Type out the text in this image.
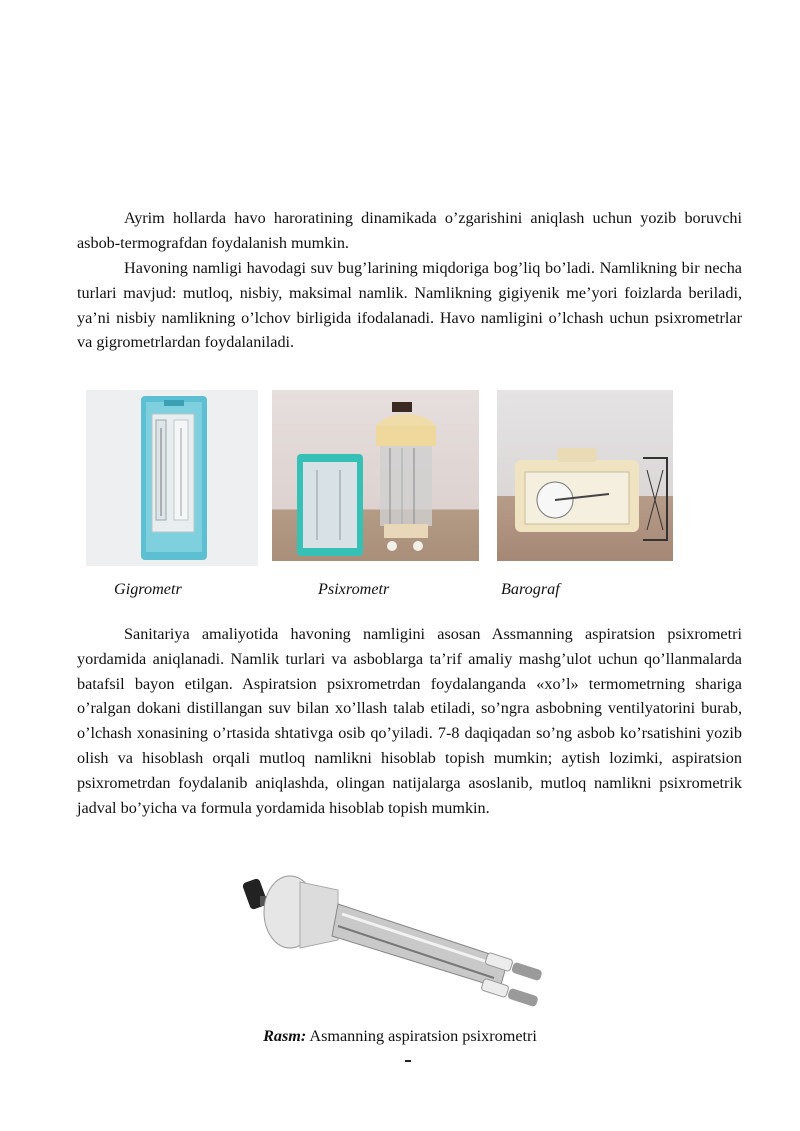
Ayrim hollarda havo haroratining dinamikada o’zgarishini aniqlash uchun yozib boruvchi asbob-termografdan foydalanish mumkin.

Havoning namligi havodagi suv bug’larining miqdoriga bog’liq bo’ladi. Namlikning bir necha turlari mavjud: mutloq, nisbiy, maksimal namlik. Namlikning gigiyenik me’yori foizlarda beriladi, ya’ni nisbiy namlikning o’lchov birligida ifodalanadi. Havo namligini o’lchash uchun psixrometrlar va gigrometrlardan foydalaniladi.

Gigrometr	Psixrometr	Barograf

Sanitariya amaliyotida havoning namligini asosan Assmanning aspiratsion psixrometri yordamida aniqlanadi. Namlik turlari va asboblarga ta’rif amaliy mashg’ulot uchun qo’llanmalarda batafsil bayon etilgan. Aspiratsion psixrometrdan foydalanganda «xo’l» termometrning shariga o’ralgan dokani distillangan suv bilan xo’llash talab etiladi, so’ngra asbobning ventilyatorini burab, o’lchash xonasining o’rtasida shtativga osib qo’yiladi. 7-8 daqiqadan so’ng asbob ko’rsatishini yozib olish va hisoblash orqali mutloq namlikni hisoblab topish mumkin; aytish lozimki, aspiratsion psixrometrdan foydalanib aniqlashda, olingan natijalarga asoslanib, mutloq namlikni psixrometrik jadval bo’yicha va formula yordamida hisoblab topish mumkin.

Rasm: Asmanning aspiratsion psixrometri
